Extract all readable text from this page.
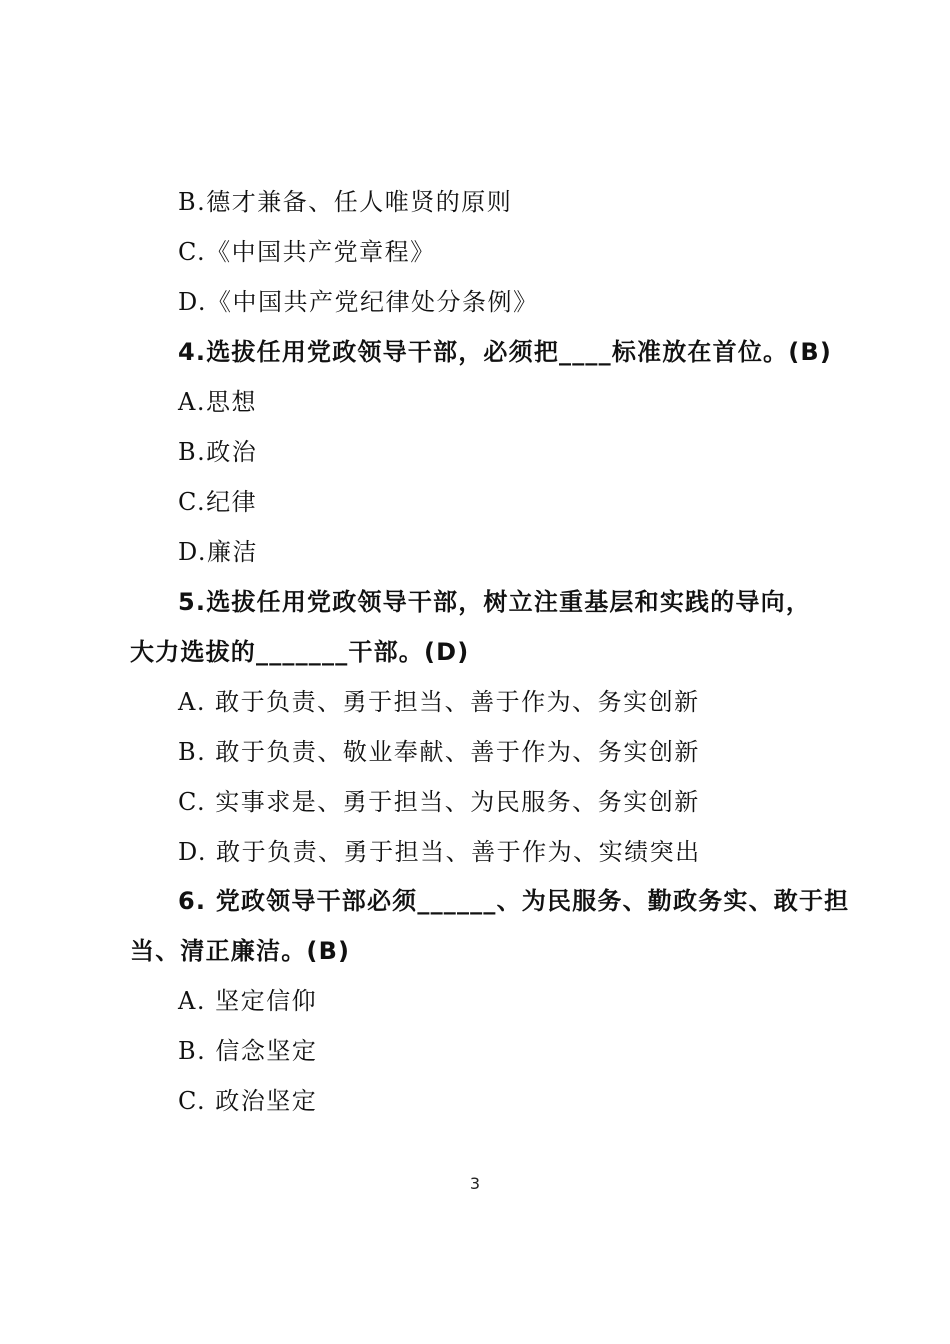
B.德才兼备、任人唯贤的原则
C.《中国共产党章程》
D.《中国共产党纪律处分条例》
4.选拔任用党政领导干部，必须把____标准放在首位。(B)
A.思想
B.政治
C.纪律
D.廉洁
5.选拔任用党政领导干部，树立注重基层和实践的导向，
大力选拔的_______干部。(D)
A. 敢于负责、勇于担当、善于作为、务实创新
B. 敢于负责、敬业奉献、善于作为、务实创新
C. 实事求是、勇于担当、为民服务、务实创新
D. 敢于负责、勇于担当、善于作为、实绩突出
6. 党政领导干部必须______、为民服务、勤政务实、敢于担
当、清正廉洁。(B)
A. 坚定信仰
B. 信念坚定
C. 政治坚定
3
